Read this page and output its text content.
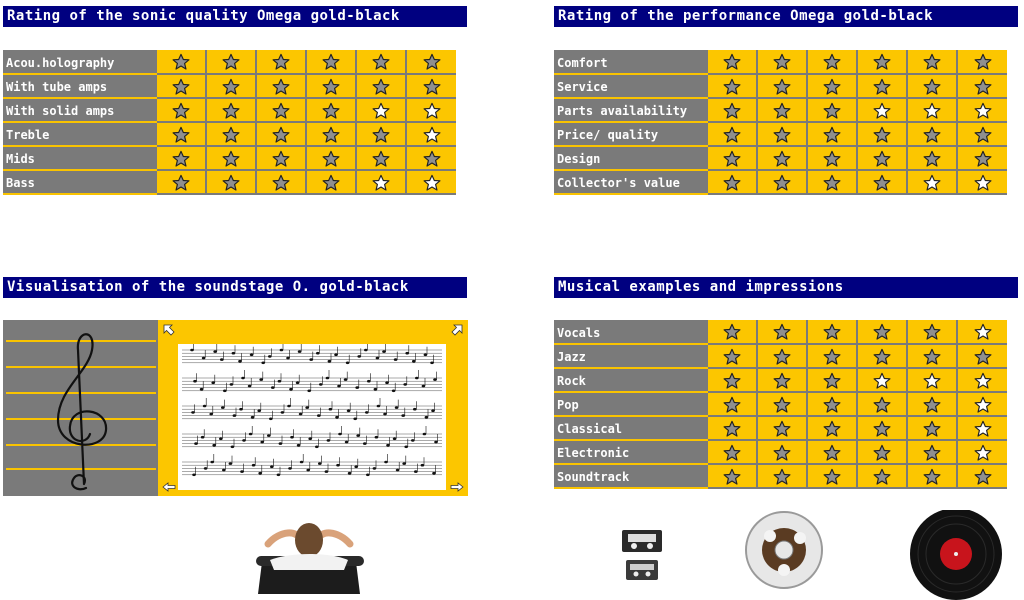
Rating of the sonic quality Omega gold-black
Acou.holography						
With tube amps						
With solid amps						
Treble						
Mids						
Bass						
Rating of the performance Omega gold-black
Comfort						
Service						
Parts availability						
Price/ quality						
Design						
Collector's value						
Visualisation of the soundstage O. gold-black	Musical examples and impressions
Vocals						
Jazz						
Rock						
Pop						
Classical						
Electronic						
Soundtrack						
